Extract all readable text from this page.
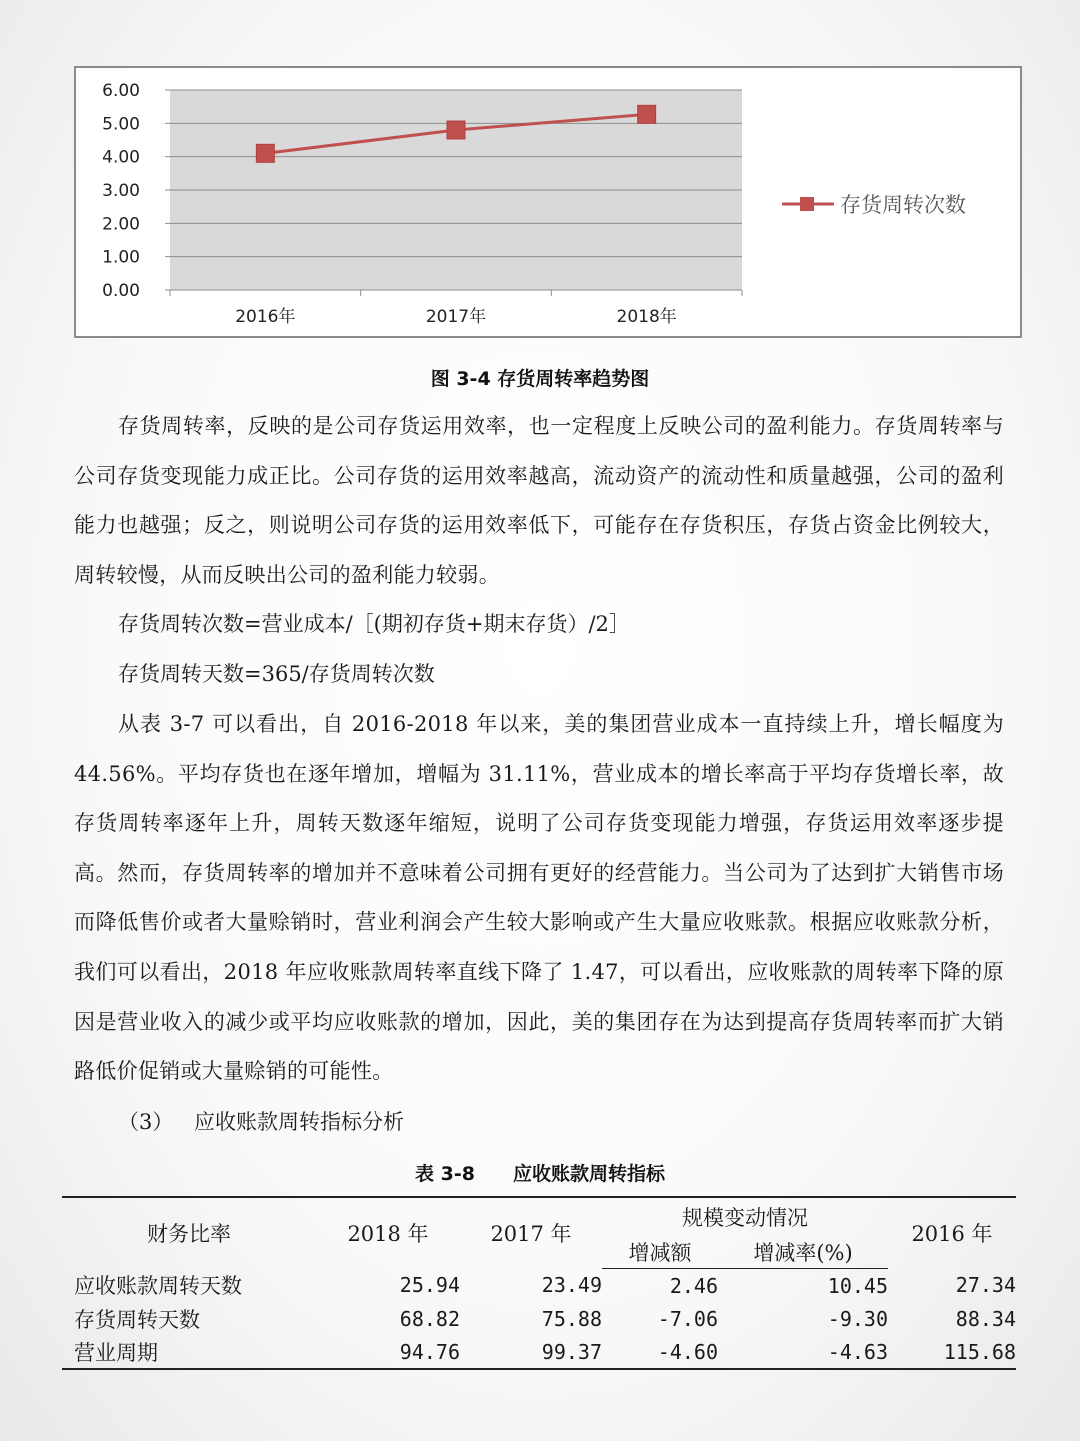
0.00
1.00
2.00
3.00
4.00
5.00
6.00
2016年	2017年	2018年
存货周转次数
图 3-4 存货周转率趋势图

存货周转率，反映的是公司存货运用效率，也一定程度上反映公司的盈利能力。存货周转率与公司存货变现能力成正比。公司存货的运用效率越高，流动资产的流动性和质量越强，公司的盈利能力也越强；反之，则说明公司存货的运用效率低下，可能存在存货积压，存货占资金比例较大，周转较慢，从而反映出公司的盈利能力较弱。

存货周转次数=营业成本/［(期初存货+期末存货）/2］

存货周转天数=365/存货周转次数

从表 3-7 可以看出，自 2016-2018 年以来，美的集团营业成本一直持续上升，增长幅度为 44.56%。平均存货也在逐年增加，增幅为 31.11%，营业成本的增长率高于平均存货增长率，故存货周转率逐年上升，周转天数逐年缩短，说明了公司存货变现能力增强，存货运用效率逐步提高。然而，存货周转率的增加并不意味着公司拥有更好的经营能力。当公司为了达到扩大销售市场而降低售价或者大量赊销时，营业利润会产生较大影响或产生大量应收账款。根据应收账款分析，我们可以看出，2018 年应收账款周转率直线下降了 1.47，可以看出，应收账款的周转率下降的原因是营业收入的减少或平均应收账款的增加，因此，美的集团存在为达到提高存货周转率而扩大销路低价促销或大量赊销的可能性。

（3） 应收账款周转指标分析
表 3-8　　应收账款周转指标
财务比率	2018 年	2017 年	规模变动情况		2016 年
			增减额	增减率(%)	
应收账款周转天数	25.94	23.49	2.46	10.45	27.34
存货周转天数	68.82	75.88	-7.06	-9.30	88.34
营业周期	94.76	99.37	-4.60	-4.63	115.68
